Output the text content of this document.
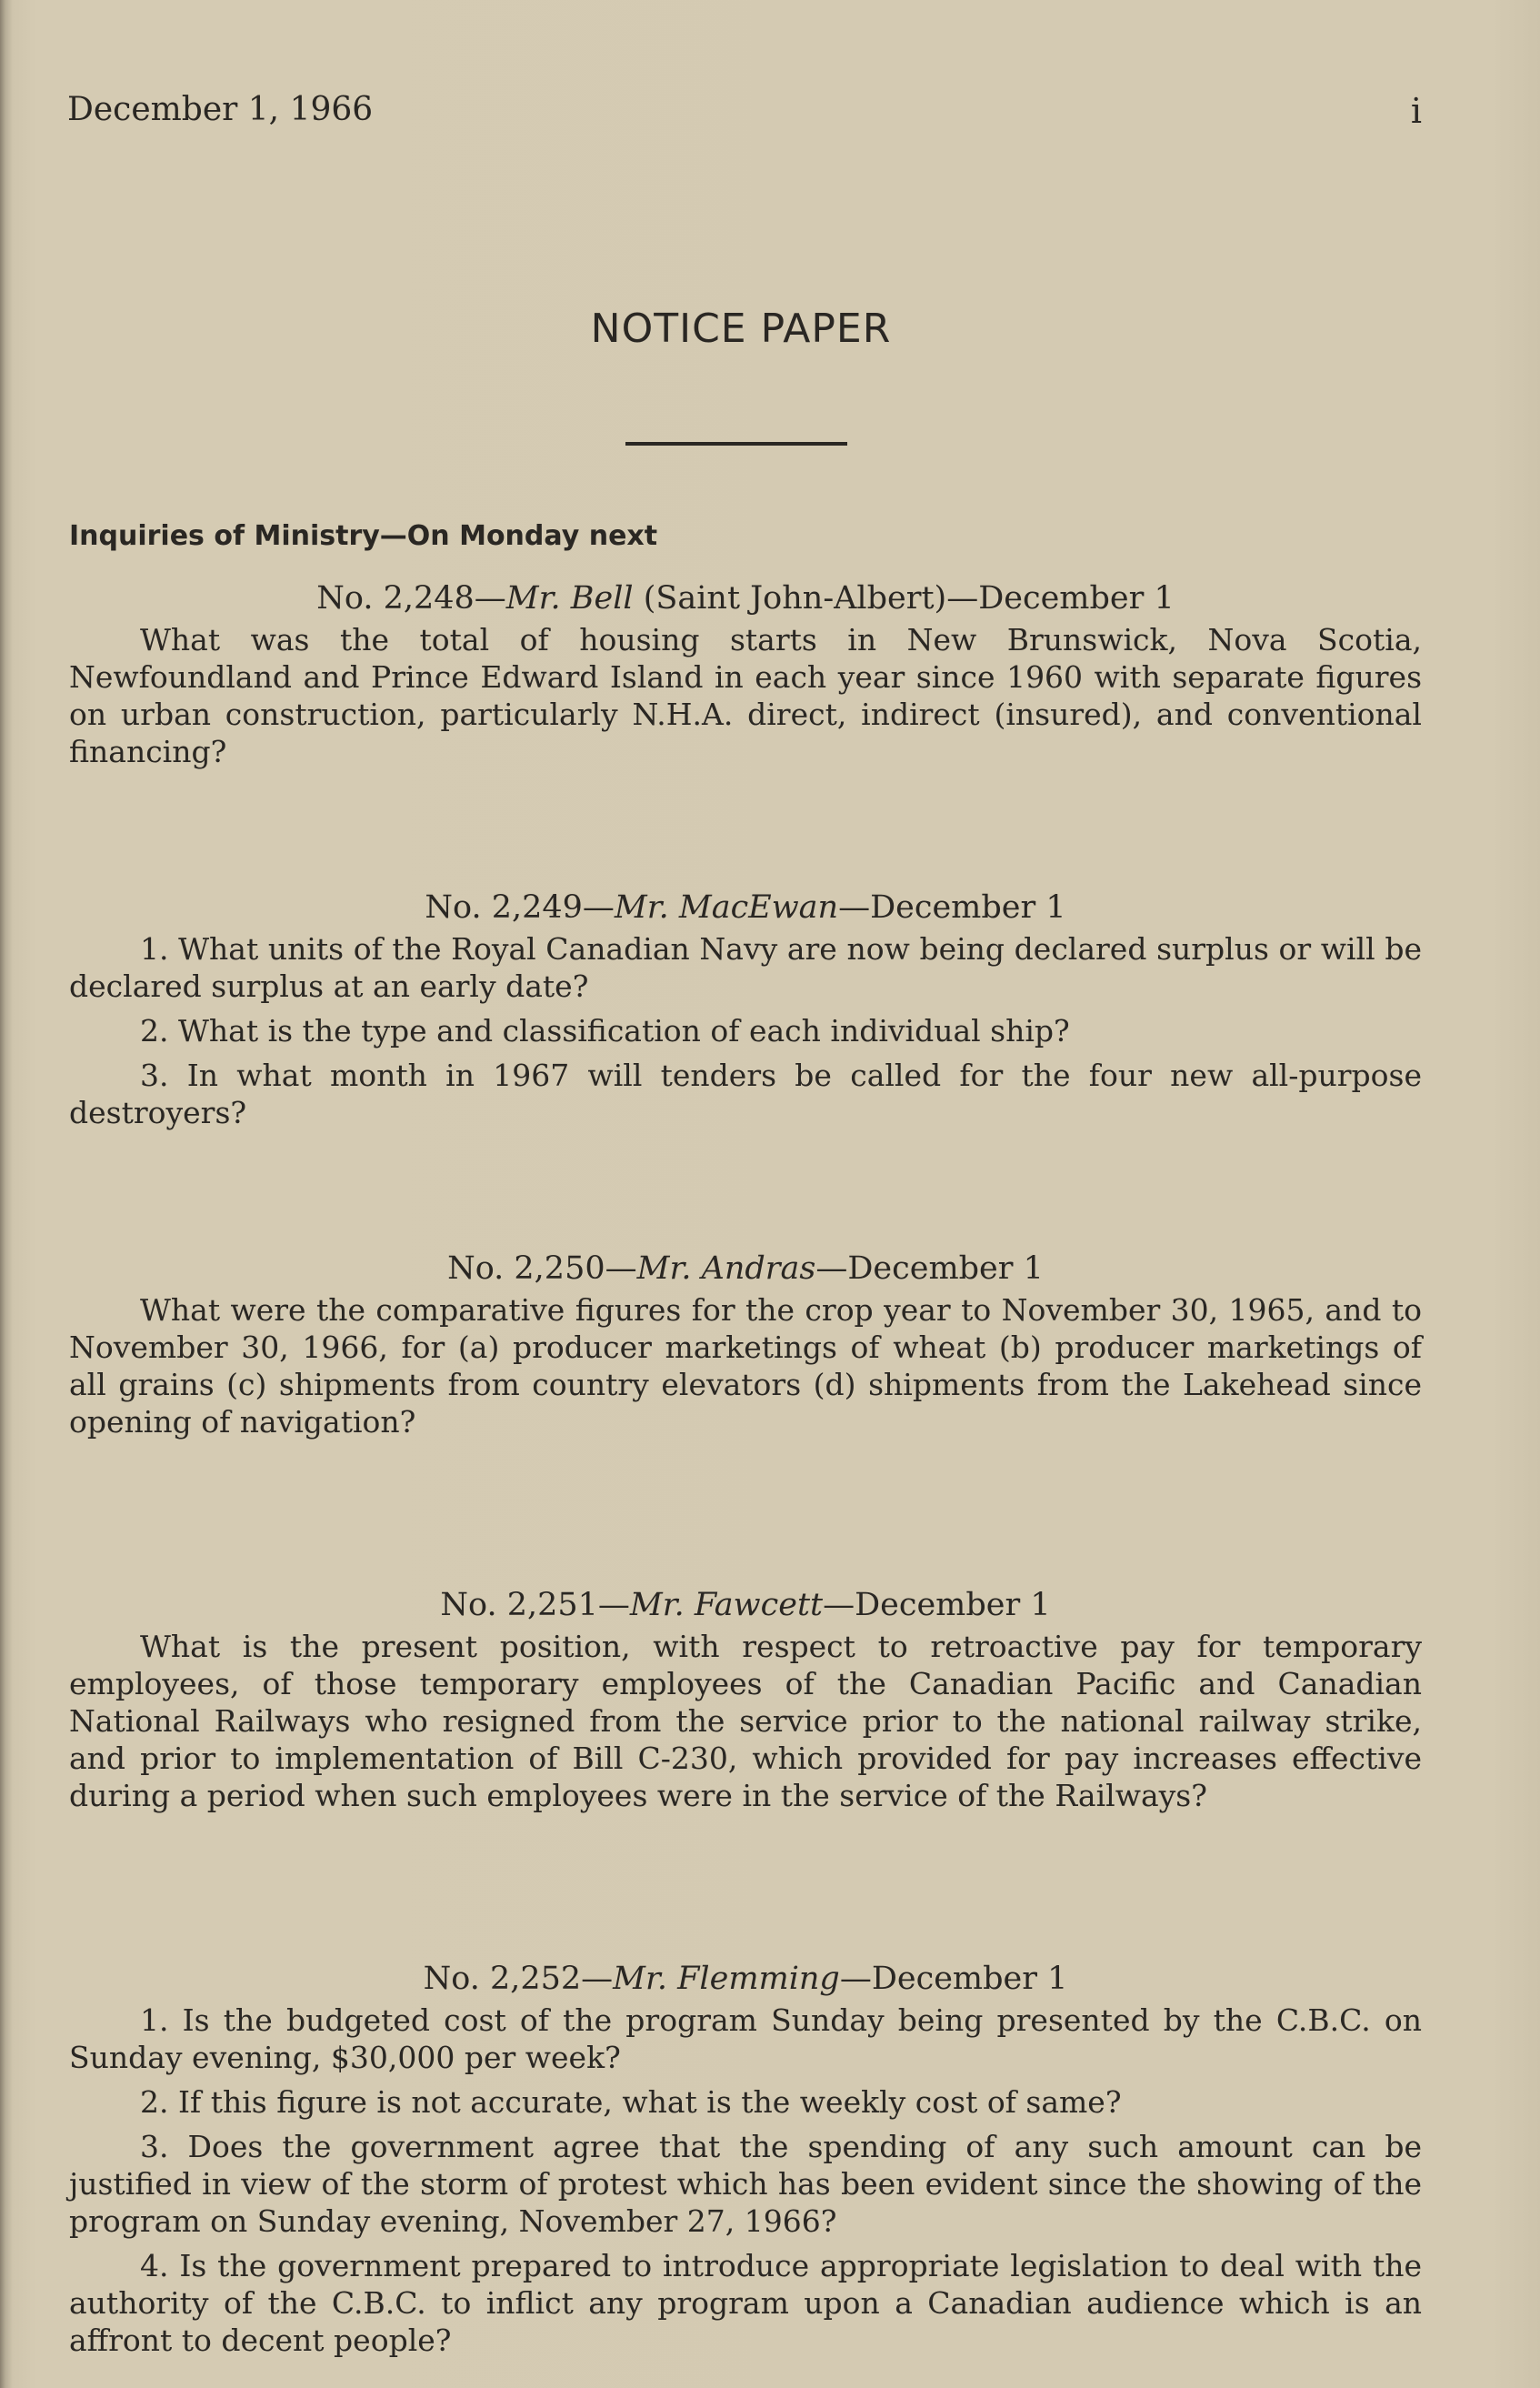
December 1, 1966	i
NOTICE PAPER
Inquiries of Ministry—On Monday next

No. 2,248—Mr. Bell (Saint John-Albert)—December 1

What was the total of housing starts in New Brunswick, Nova Scotia, Newfoundland and Prince Edward Island in each year since 1960 with separate figures on urban construction, particularly N.H.A. direct, indirect (insured), and conventional financing?

No. 2,249—Mr. MacEwan—December 1

1. What units of the Royal Canadian Navy are now being declared surplus or will be declared surplus at an early date?

2. What is the type and classification of each individual ship?

3. In what month in 1967 will tenders be called for the four new all-purpose destroyers?

No. 2,250—Mr. Andras—December 1

What were the comparative figures for the crop year to November 30, 1965, and to November 30, 1966, for (a) producer marketings of wheat (b) producer marketings of all grains (c) shipments from country elevators (d) shipments from the Lakehead since opening of navigation?

No. 2,251—Mr. Fawcett—December 1

What is the present position, with respect to retroactive pay for temporary employees, of those temporary employees of the Canadian Pacific and Canadian National Railways who resigned from the service prior to the national railway strike, and prior to implementation of Bill C-230, which provided for pay increases effective during a period when such employees were in the service of the Railways?

No. 2,252—Mr. Flemming—December 1

1. Is the budgeted cost of the program Sunday being presented by the C.B.C. on Sunday evening, $30,000 per week?

2. If this figure is not accurate, what is the weekly cost of same?

3. Does the government agree that the spending of any such amount can be justified in view of the storm of protest which has been evident since the showing of the program on Sunday evening, November 27, 1966?

4. Is the government prepared to introduce appropriate legislation to deal with the authority of the C.B.C. to inflict any program upon a Canadian audience which is an affront to decent people?
